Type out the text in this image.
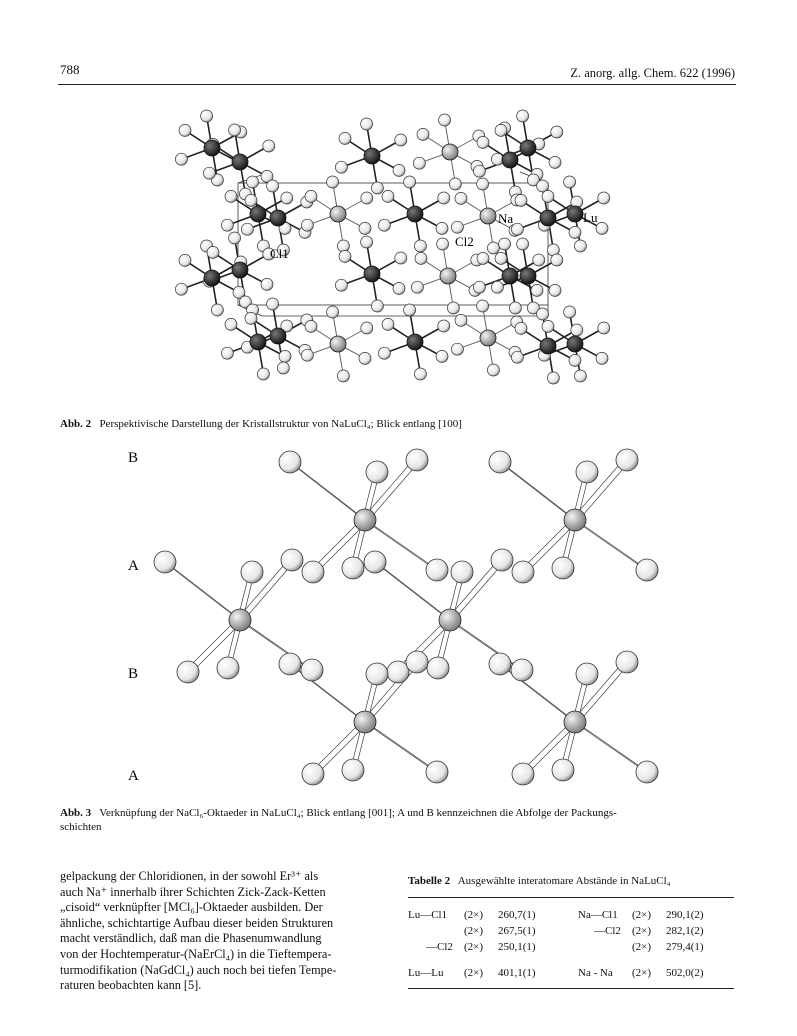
788	Z. anorg. allg. Chem. 622 (1996)
Na	Lu
Cl1
Cl2
Abb. 2 Perspektivische Darstellung der Kristallstruktur von NaLuCl₄; Blick entlang [100]
B
A
B
A
Abb. 3 Verknüpfung der NaCl₆-Oktaeder in NaLuCl₄; Blick entlang [001]; A und B kennzeichnen die Abfolge der Packungs-
schichten

gelpackung der Chloridionen, in der sowohl Er³⁺ als

auch Na⁺ innerhalb ihrer Schichten Zick-Zack-Ketten

„cisoid“ verknüpfter [MCl₆]-Oktaeder ausbilden. Der

ähnliche, schichtartige Aufbau dieser beiden Strukturen

macht verständlich, daß man die Phasenumwandlung

von der Hochtemperatur-(NaErCl₄) in die Tieftempera-

turmodifikation (NaGdCl₄) auch noch bei tiefen Tempe-

raturen beobachten kann [5].

Tabelle 2 Ausgewählte interatomare Abstände in NaLuCl₄
Lu—Cl1 (2×) 260,7(1)	Na—Cl1 (2×) 290,1(2)
(2×) 267,5(1)	—Cl2 (2×) 282,1(2)
—Cl2 (2×) 250,1(1)	(2×) 279,4(1)
Lu—Lu (2×) 401,1(1)	Na - Na (2×) 502,0(2)
